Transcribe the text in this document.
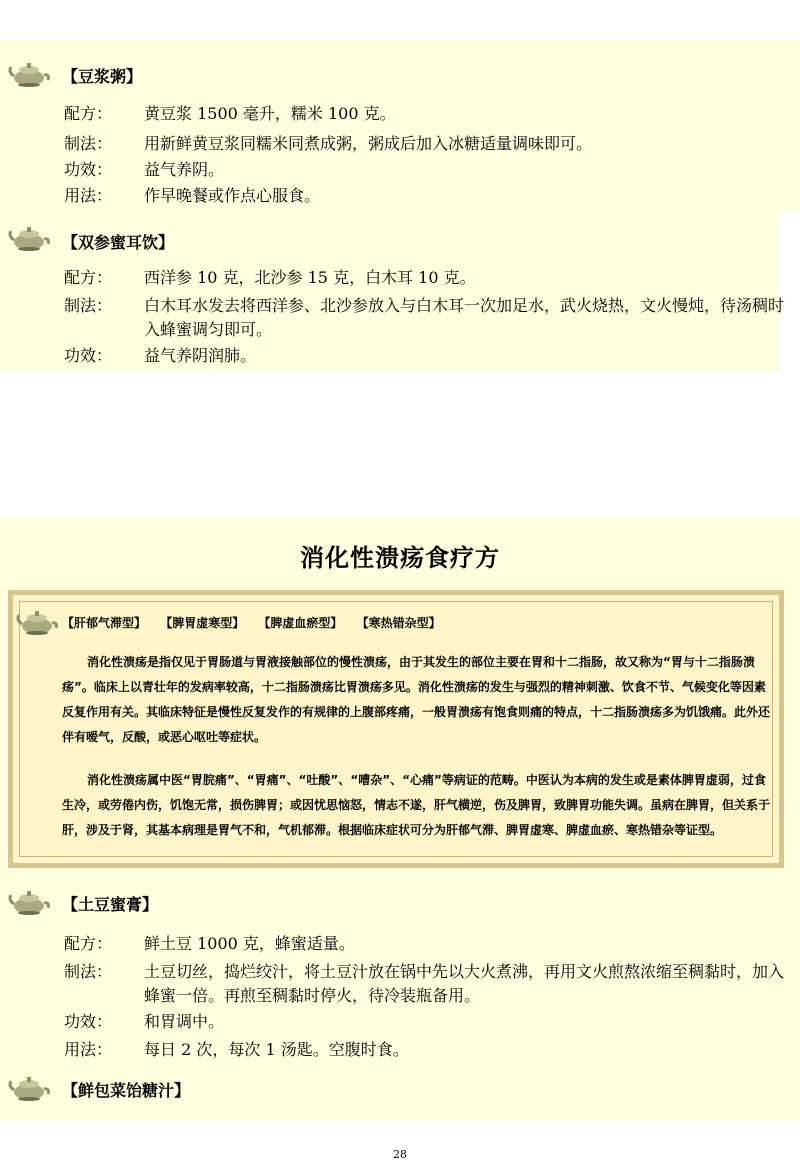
【豆浆粥】
配方： 黄豆浆 1500 毫升，糯米 100 克。
制法： 用新鲜黄豆浆同糯米同煮成粥，粥成后加入冰糖适量调味即可。
功效： 益气养阴。
用法： 作早晚餐或作点心服食。
【双参蜜耳饮】
配方： 西洋参 10 克，北沙参 15 克，白木耳 10 克。
制法： 白木耳水发去将西洋参、北沙参放入与白木耳一次加足水，武火烧热，文火慢炖，待汤稠时入蜂蜜调匀即可。
功效： 益气养阴润肺。
消化性溃疡食疗方
【肝郁气滞型】 【脾胃虚寒型】 【脾虚血瘀型】 【寒热错杂型】
消化性溃疡是指仅见于胃肠道与胃液接触部位的慢性溃疡，由于其发生的部位主要在胃和十二指肠，故又称为“胃与十二指肠溃疡”。临床上以青壮年的发病率较高，十二指肠溃疡比胃溃疡多见。消化性溃疡的发生与强烈的精神刺激、饮食不节、气候变化等因素反复作用有关。其临床特征是慢性反复发作的有规律的上腹部疼痛，一般胃溃疡有饱食则痛的特点，十二指肠溃疡多为饥饿痛。此外还伴有嗳气，反酸，或恶心呕吐等症状。
消化性溃疡属中医“胃脘痛”、“胃痛”、“吐酸”、“嘈杂”、“心痛”等病证的范畴。中医认为本病的发生或是素体脾胃虚弱，过食生冷，或劳倦内伤，饥饱无常，损伤脾胃；或因忧思恼怒，情志不遂，肝气横逆，伤及脾胃，致脾胃功能失调。虽病在脾胃，但关系于肝，涉及于肾，其基本病理是胃气不和，气机郁滞。根据临床症状可分为肝郁气滞、脾胃虚寒、脾虚血瘀、寒热错杂等证型。
【土豆蜜膏】
配方： 鲜土豆 1000 克，蜂蜜适量。
制法： 土豆切丝，捣烂绞汁，将土豆汁放在锅中先以大火煮沸，再用文火煎熬浓缩至稠黏时，加入蜂蜜一倍。再煎至稠黏时停火，待冷装瓶备用。
功效： 和胃调中。
用法： 每日 2 次，每次 1 汤匙。空腹时食。
【鲜包菜饴糖汁】
28
